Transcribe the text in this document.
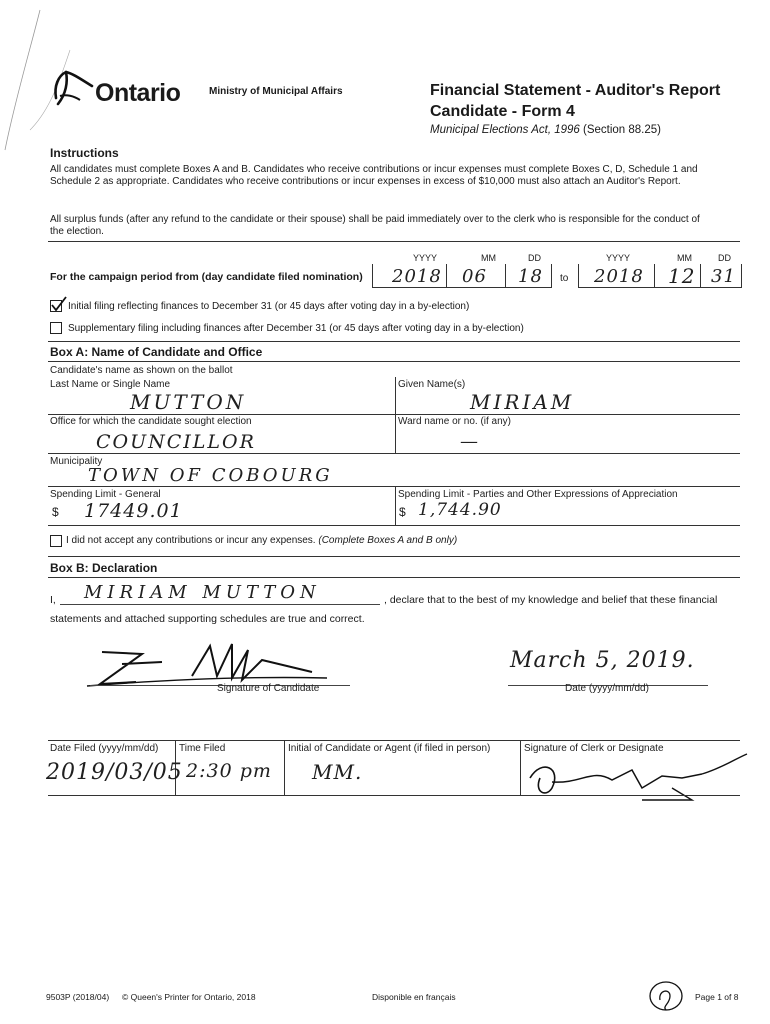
Ontario	Ministry of Municipal Affairs	Financial Statement - Auditor's Report
Candidate - Form 4
Municipal Elections Act, 1996 (Section 88.25)
Instructions
All candidates must complete Boxes A and B. Candidates who receive contributions or incur expenses must complete Boxes C, D, Schedule 1 and Schedule 2 as appropriate. Candidates who receive contributions or incur expenses in excess of $10,000 must also attach an Auditor's Report.
All surplus funds (after any refund to the candidate or their spouse) shall be paid immediately over to the clerk who is responsible for the conduct of the election.
YYYY	MM	DD	YYYY	MM	DD
For the campaign period from (day candidate filed nomination) 2018 06 18 to 2018 12 31
Initial filing reflecting finances to December 31 (or 45 days after voting day in a by-election)
Supplementary filing including finances after December 31 (or 45 days after voting day in a by-election)
Box A: Name of Candidate and Office
Candidate's name as shown on the ballot
Last Name or Single Name	Given Name(s)
MUTTON	MIRIAM
Office for which the candidate sought election	Ward name or no. (if any)
COUNCILLOR	—
Municipality
TOWN OF COBOURG
Spending Limit - General	Spending Limit - Parties and Other Expressions of Appreciation
$ 17449.01	$ 1,744.90
I did not accept any contributions or incur any expenses. (Complete Boxes A and B only)
Box B: Declaration
I, MIRIAM MUTTON	, declare that to the best of my knowledge and belief that these financial
statements and attached supporting schedules are true and correct.
Signature of Candidate
March 5, 2019.
Date (yyyy/mm/dd)
Date Filed (yyyy/mm/dd) Time Filed	Initial of Candidate or Agent (if filed in person)	Signature of Clerk or Designate
2019/03/05 2:30 pm MM.
9503P (2018/04) © Queen's Printer for Ontario, 2018	Disponible en français	Page 1 of 8
